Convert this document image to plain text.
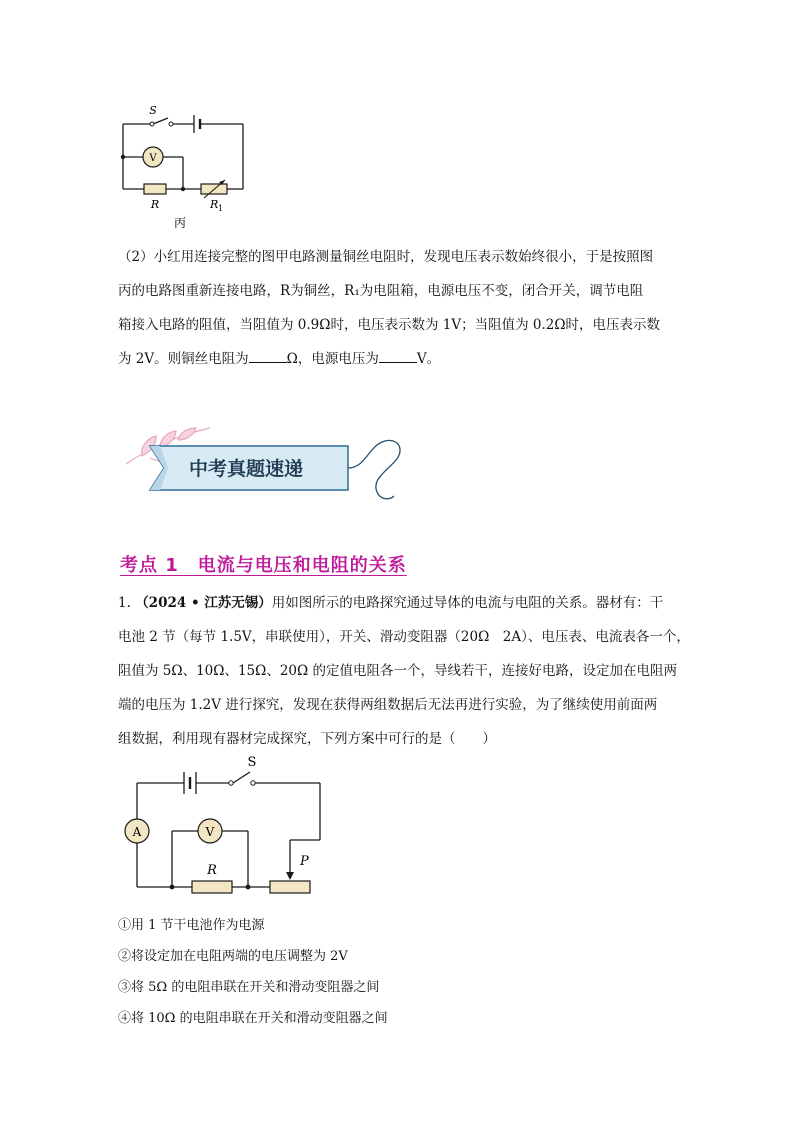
S
V
R	R 1
丙
（2）小红用连接完整的图甲电路测量铜丝电阻时，发现电压表示数始终很小，于是按照图
丙的电路图重新连接电路，R为铜丝，R₁为电阻箱，电源电压不变，闭合开关，调节电阻
箱接入电路的阻值，当阻值为 0.9Ω时，电压表示数为 1V；当阻值为 0.2Ω时，电压表示数
为 2V。则铜丝电阻为	Ω，电源电压为	V。
中考真题速递
考点 1　电流与电压和电阻的关系
1. （2024 • 江苏无锡）用如图所示的电路探究通过导体的电流与电阻的关系。器材有：干
电池 2 节（每节 1.5V，串联使用），开关、滑动变阻器（20Ω　2A）、电压表、电流表各一个，
阻值为 5Ω、10Ω、15Ω、20Ω 的定值电阻各一个，导线若干，连接好电路，设定加在电阻两
端的电压为 1.2V 进行探究，发现在获得两组数据后无法再进行实验，为了继续使用前面两
组数据，利用现有器材完成探究，下列方案中可行的是（　　）
S
A	V
R
P
①用 1 节干电池作为电源
②将设定加在电阻两端的电压调整为 2V
③将 5Ω 的电阻串联在开关和滑动变阻器之间
④将 10Ω 的电阻串联在开关和滑动变阻器之间
